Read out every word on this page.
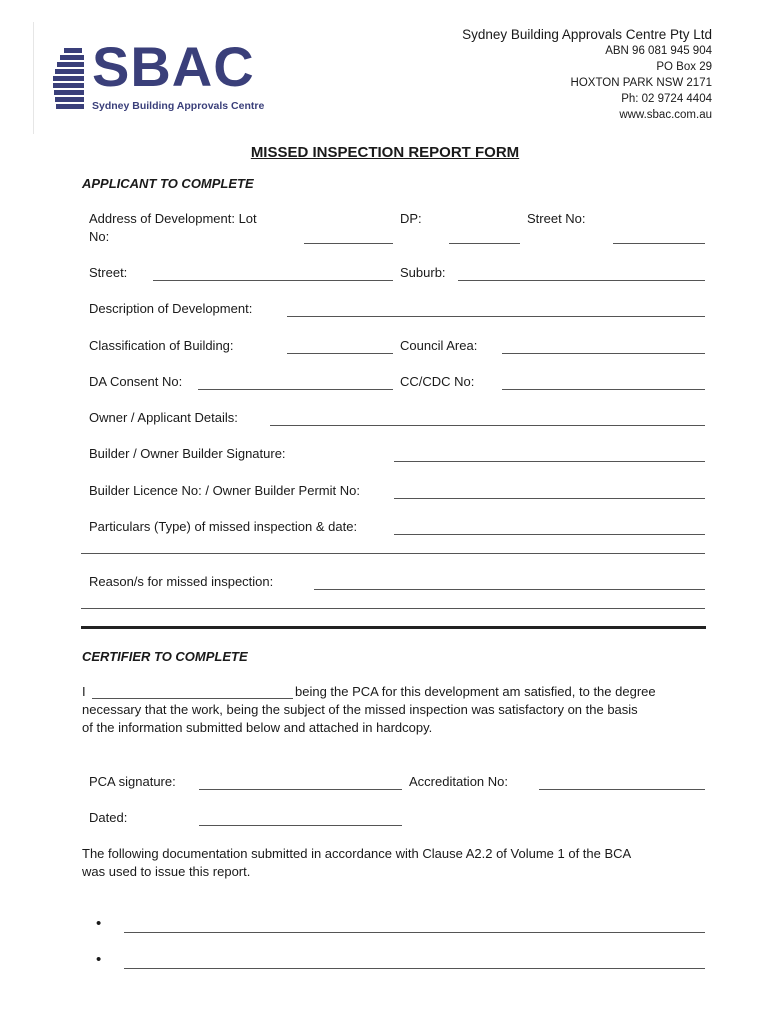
SBAC
Sydney Building Approvals Centre
Sydney Building Approvals Centre Pty Ltd
ABN 96 081 945 904
PO Box 29
HOXTON PARK NSW 2171
Ph: 02 9724 4404
www.sbac.com.au
MISSED INSPECTION REPORT FORM
APPLICANT TO COMPLETE
Address of Development: Lot
No:
DP:	Street No:
Street:	Suburb:
Description of Development:
Classification of Building:	Council Area:
DA Consent No:	CC/CDC No:
Owner / Applicant Details:
Builder / Owner Builder Signature:
Builder Licence No: / Owner Builder Permit No:
Particulars (Type) of missed inspection & date:
Reason/s for missed inspection:
CERTIFIER TO COMPLETE
I	being the PCA for this development am satisfied, to the degree
necessary that the work, being the subject of the missed inspection was satisfactory on the basis
of the information submitted below and attached in hardcopy.
PCA signature:	Accreditation No:
Dated:
The following documentation submitted in accordance with Clause A2.2 of Volume 1 of the BCA
was used to issue this report.
•
•
